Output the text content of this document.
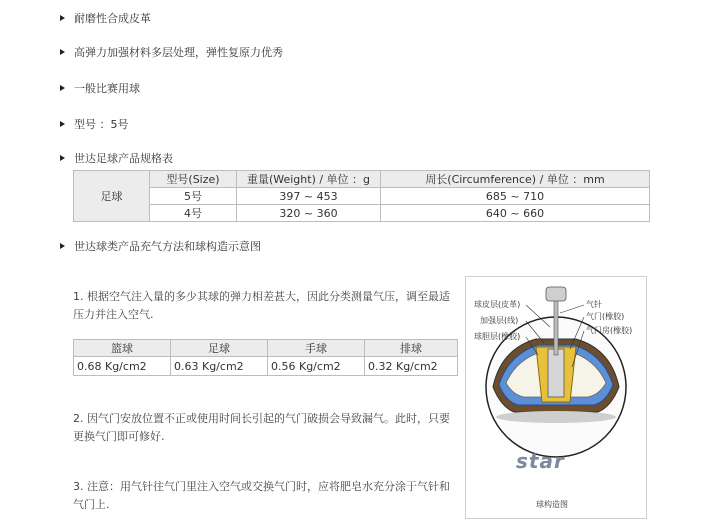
耐磨性合成皮革
高弹力加强材料多层处理，弹性复原力优秀
一般比赛用球
型号 ：5号
世达足球产品规格表
足球	型号(Size)	重量(Weight) / 单位 ：g	周长(Circumference) / 单位 ：mm
	5号	397 ~ 453	685 ~ 710
	4号	320 ~ 360	640 ~ 660
世达球类产品充气方法和球构造示意图
1. 根据空气注入量的多少其球的弹力相差甚大，因此分类测量气压，调至最适压力并注入空气.
篮球	足球	手球	排球
0.68 Kg/cm2	0.63 Kg/cm2	0.56 Kg/cm2	0.32 Kg/cm2
2. 因气门安放位置不正或使用时间长引起的气门破损会导致漏气。此时，只要更换气门即可修好.
3. 注意：用气针往气门里注入空气或交换气门时，应将肥皂水充分涂于气针和气门上.
球皮层(皮革)
加强层(线)
球胆层(橡胶)
气针
气门(橡胶)
气门房(橡胶)
star
球构造图
